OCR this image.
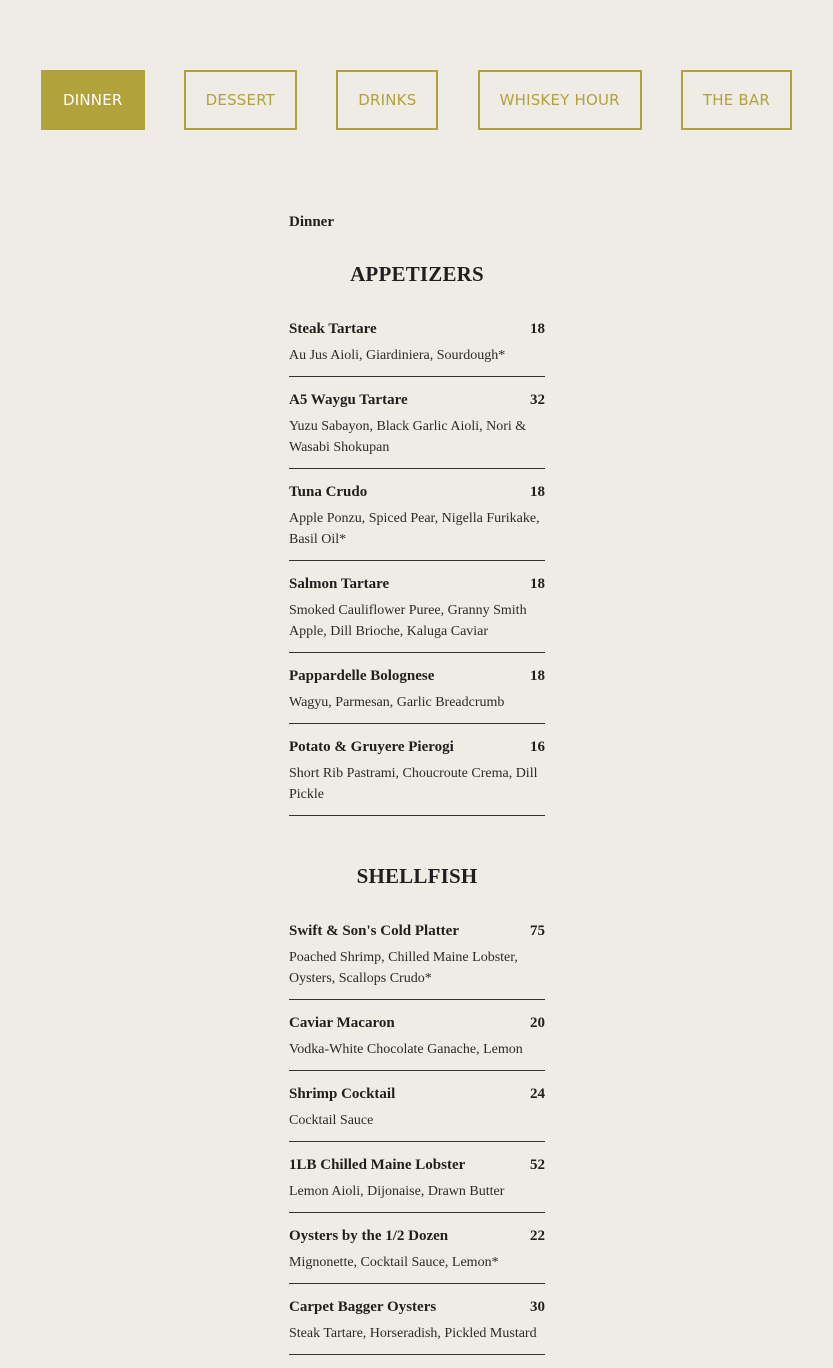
DINNER	DESSERT	DRINKS	WHISKEY HOUR	THE BAR
Dinner
APPETIZERS
Steak Tartare	18
Au Jus Aioli, Giardiniera, Sourdough*
A5 Waygu Tartare	32
Yuzu Sabayon, Black Garlic Aioli, Nori & Wasabi Shokupan
Tuna Crudo	18
Apple Ponzu, Spiced Pear, Nigella Furikake, Basil Oil*
Salmon Tartare	18
Smoked Cauliflower Puree, Granny Smith Apple, Dill Brioche, Kaluga Caviar
Pappardelle Bolognese	18
Wagyu, Parmesan, Garlic Breadcrumb
Potato & Gruyere Pierogi	16
Short Rib Pastrami, Choucroute Crema, Dill Pickle
SHELLFISH
Swift & Son's Cold Platter	75
Poached Shrimp, Chilled Maine Lobster, Oysters, Scallops Crudo*
Caviar Macaron	20
Vodka-White Chocolate Ganache, Lemon
Shrimp Cocktail	24
Cocktail Sauce
1LB Chilled Maine Lobster	52
Lemon Aioli, Dijonaise, Drawn Butter
Oysters by the 1/2 Dozen	22
Mignonette, Cocktail Sauce, Lemon*
Carpet Bagger Oysters	30
Steak Tartare, Horseradish, Pickled Mustard
